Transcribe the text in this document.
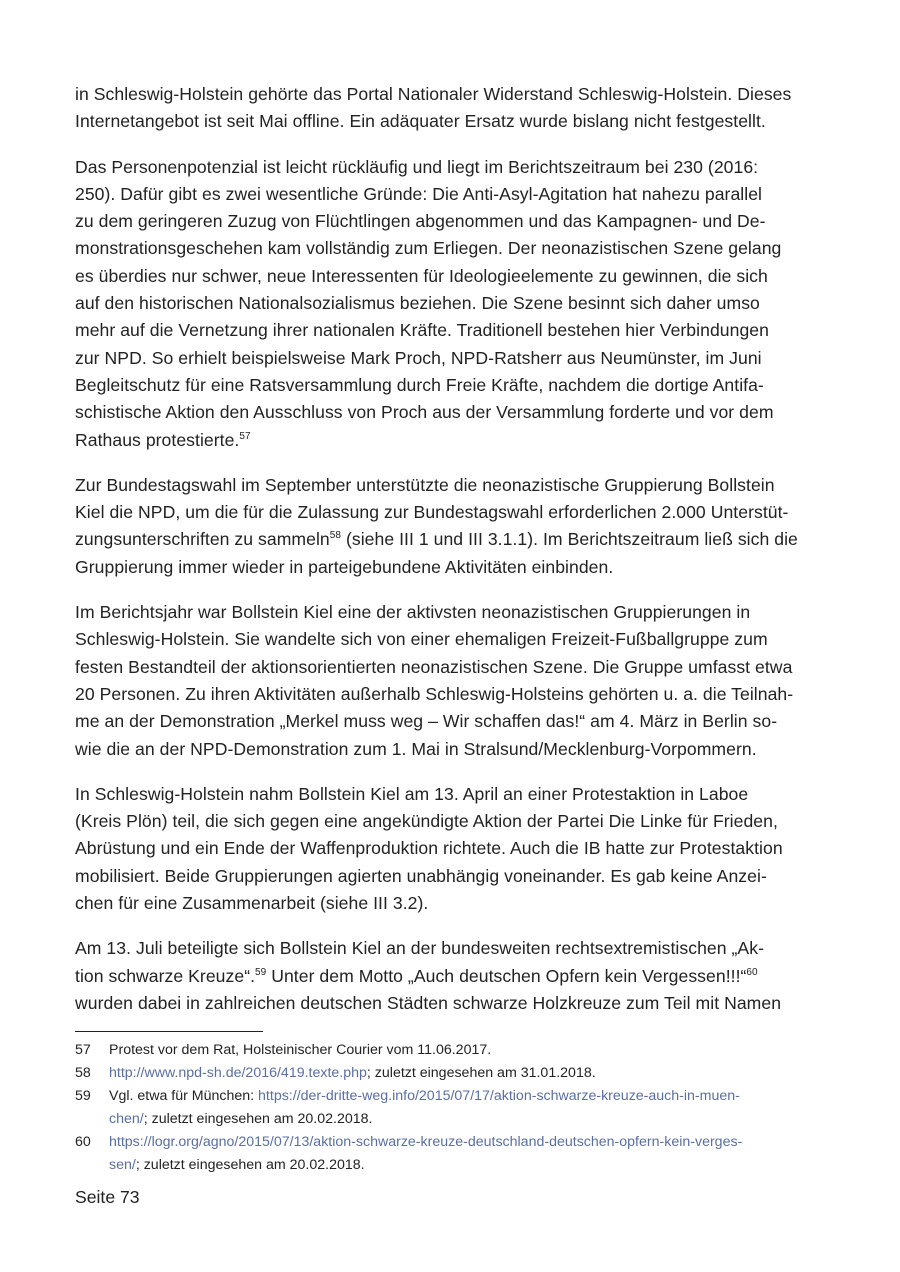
in Schleswig-Holstein gehörte das Portal Nationaler Widerstand Schleswig-Holstein. Dieses
Internetangebot ist seit Mai offline. Ein adäquater Ersatz wurde bislang nicht festgestellt.

Das Personenpotenzial ist leicht rückläufig und liegt im Berichtszeitraum bei 230 (2016:
250). Dafür gibt es zwei wesentliche Gründe: Die Anti-Asyl-Agitation hat nahezu parallel
zu dem geringeren Zuzug von Flüchtlingen abgenommen und das Kampagnen- und De-
monstrationsgeschehen kam vollständig zum Erliegen. Der neonazistischen Szene gelang
es überdies nur schwer, neue Interessenten für Ideologieelemente zu gewinnen, die sich
auf den historischen Nationalsozialismus beziehen. Die Szene besinnt sich daher umso
mehr auf die Vernetzung ihrer nationalen Kräfte. Traditionell bestehen hier Verbindungen
zur NPD. So erhielt beispielsweise Mark Proch, NPD-Ratsherr aus Neumünster, im Juni
Begleitschutz für eine Ratsversammlung durch Freie Kräfte, nachdem die dortige Antifa-
schistische Aktion den Ausschluss von Proch aus der Versammlung forderte und vor dem
Rathaus protestierte.$^{57}$

Zur Bundestagswahl im September unterstützte die neonazistische Gruppierung Bollstein
Kiel die NPD, um die für die Zulassung zur Bundestagswahl erforderlichen 2.000 Unterstüt-
zungsunterschriften zu sammeln$^{58}$ (siehe III 1 und III 3.1.1). Im Berichtszeitraum ließ sich die
Gruppierung immer wieder in parteigebundene Aktivitäten einbinden.

Im Berichtsjahr war Bollstein Kiel eine der aktivsten neonazistischen Gruppierungen in
Schleswig-Holstein. Sie wandelte sich von einer ehemaligen Freizeit-Fußballgruppe zum
festen Bestandteil der aktionsorientierten neonazistischen Szene. Die Gruppe umfasst etwa
20 Personen. Zu ihren Aktivitäten außerhalb Schleswig-Holsteins gehörten u. a. die Teilnah-
me an der Demonstration „Merkel muss weg – Wir schaffen das!“ am 4. März in Berlin so-
wie die an der NPD-Demonstration zum 1. Mai in Stralsund/Mecklenburg-Vorpommern.

In Schleswig-Holstein nahm Bollstein Kiel am 13. April an einer Protestaktion in Laboe
(Kreis Plön) teil, die sich gegen eine angekündigte Aktion der Partei Die Linke für Frieden,
Abrüstung und ein Ende der Waffenproduktion richtete. Auch die IB hatte zur Protestaktion
mobilisiert. Beide Gruppierungen agierten unabhängig voneinander. Es gab keine Anzei-
chen für eine Zusammenarbeit (siehe III 3.2).

Am 13. Juli beteiligte sich Bollstein Kiel an der bundesweiten rechtsextremistischen „Ak-
tion schwarze Kreuze“.$^{59}$ Unter dem Motto „Auch deutschen Opfern kein Vergessen!!!“$^{60}$
wurden dabei in zahlreichen deutschen Städten schwarze Holzkreuze zum Teil mit Namen

57	Protest vor dem Rat, Holsteinischer Courier vom 11.06.2017.
58	http://www.npd-sh.de/2016/419.texte.php; zuletzt eingesehen am 31.01.2018.
59	Vgl. etwa für München: https://der-dritte-weg.info/2015/07/17/aktion-schwarze-kreuze-auch-in-muen-
chen/; zuletzt eingesehen am 20.02.2018.
60	https://logr.org/agno/2015/07/13/aktion-schwarze-kreuze-deutschland-deutschen-opfern-kein-verges-
sen/; zuletzt eingesehen am 20.02.2018.
Seite 73
